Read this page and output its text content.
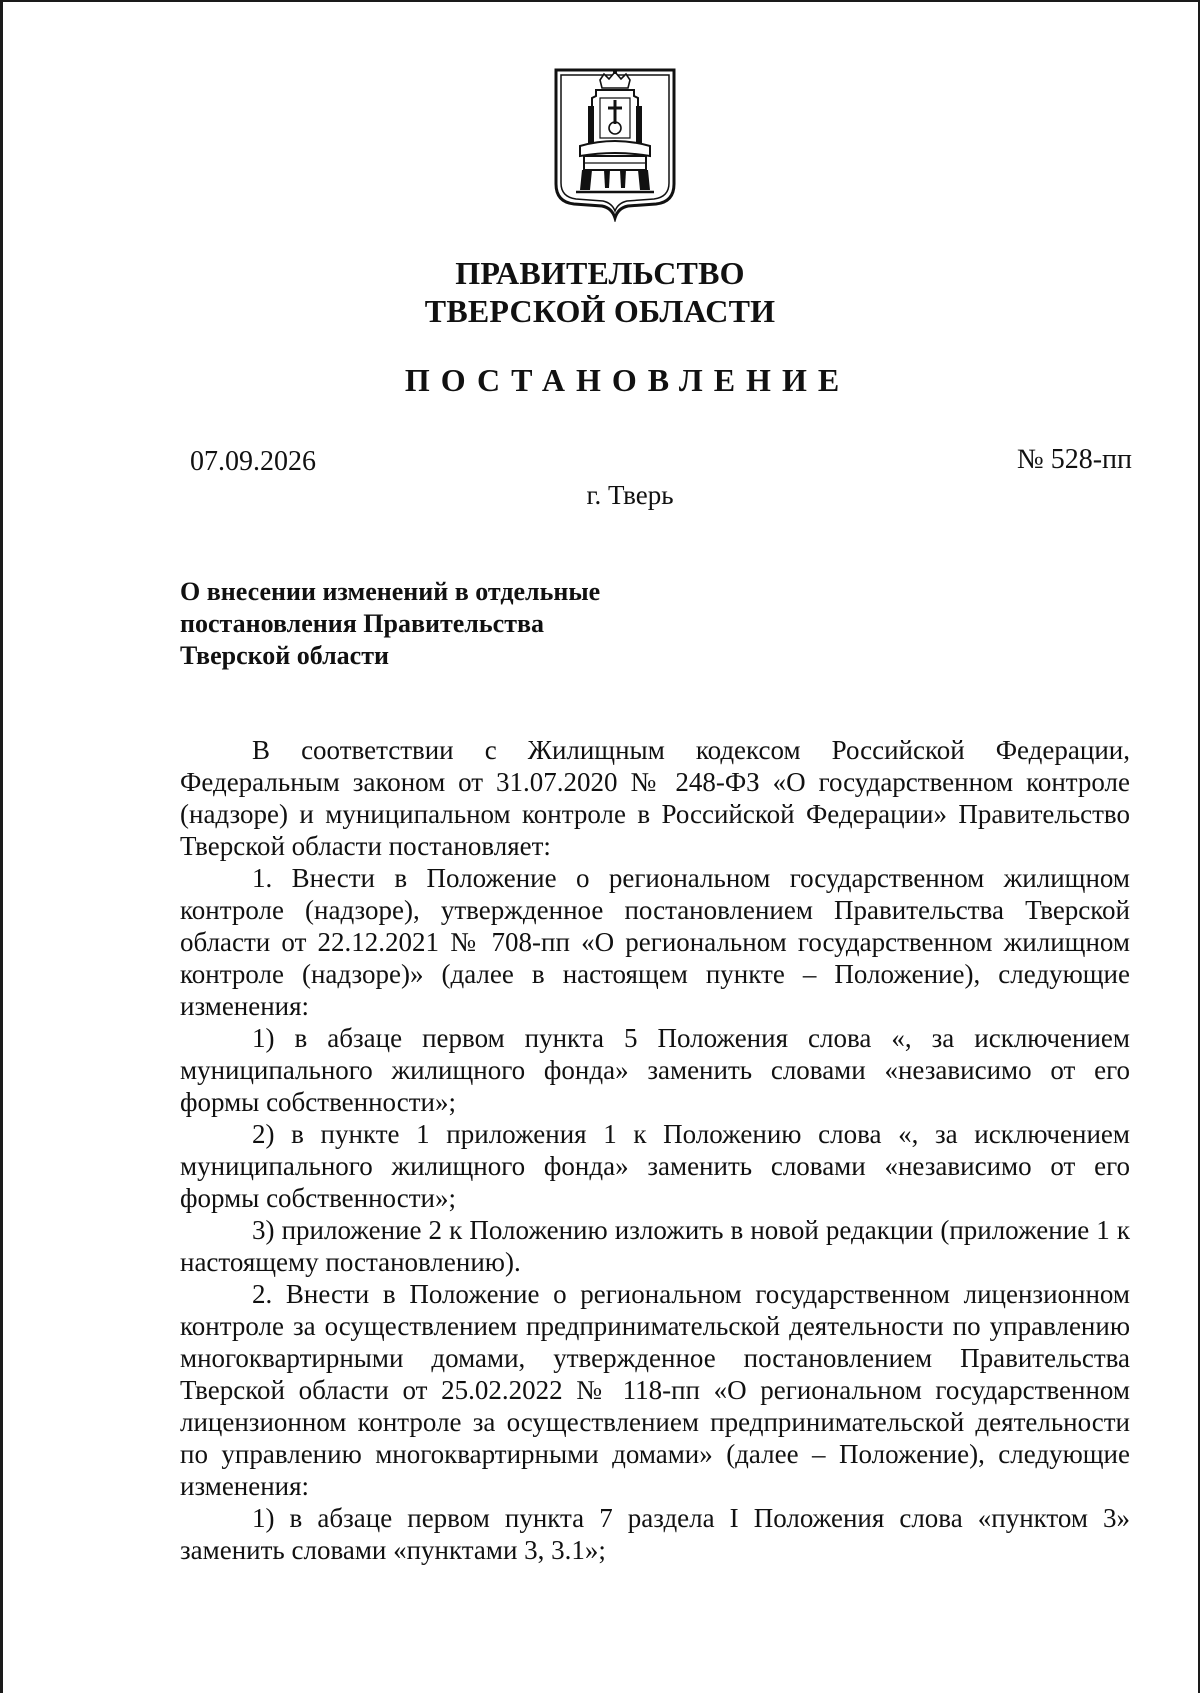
ПРАВИТЕЛЬСТВО
ТВЕРСКОЙ ОБЛАСТИ
ПОСТАНОВЛЕНИЕ
07.09.2026	№ 528-пп
г. Тверь
О внесении изменений в отдельные
постановления Правительства
Тверской области

В соответствии с Жилищным кодексом Российской Федерации, Федеральным законом от 31.07.2020 № 248-ФЗ «О государственном контроле (надзоре) и муниципальном контроле в Российской Федерации» Правительство Тверской области постановляет:

1. Внести в Положение о региональном государственном жилищном контроле (надзоре), утвержденное постановлением Правительства Тверской области от 22.12.2021 № 708-пп «О региональном государственном жилищном контроле (надзоре)» (далее в настоящем пункте – Положение), следующие изменения:

1) в абзаце первом пункта 5 Положения слова «, за исключением муниципального жилищного фонда» заменить словами «независимо от его формы собственности»;

2) в пункте 1 приложения 1 к Положению слова «, за исключением муниципального жилищного фонда» заменить словами «независимо от его формы собственности»;

3) приложение 2 к Положению изложить в новой редакции (приложение 1 к настоящему постановлению).

2. Внести в Положение о региональном государственном лицензионном контроле за осуществлением предпринимательской деятельности по управлению многоквартирными домами, утвержденное постановлением Правительства Тверской области от 25.02.2022 № 118-пп «О региональном государственном лицензионном контроле за осуществлением предпринимательской деятельности по управлению многоквартирными домами» (далее – Положение), следующие изменения:

1) в абзаце первом пункта 7 раздела I Положения слова «пунктом 3» заменить словами «пунктами 3, 3.1»;
